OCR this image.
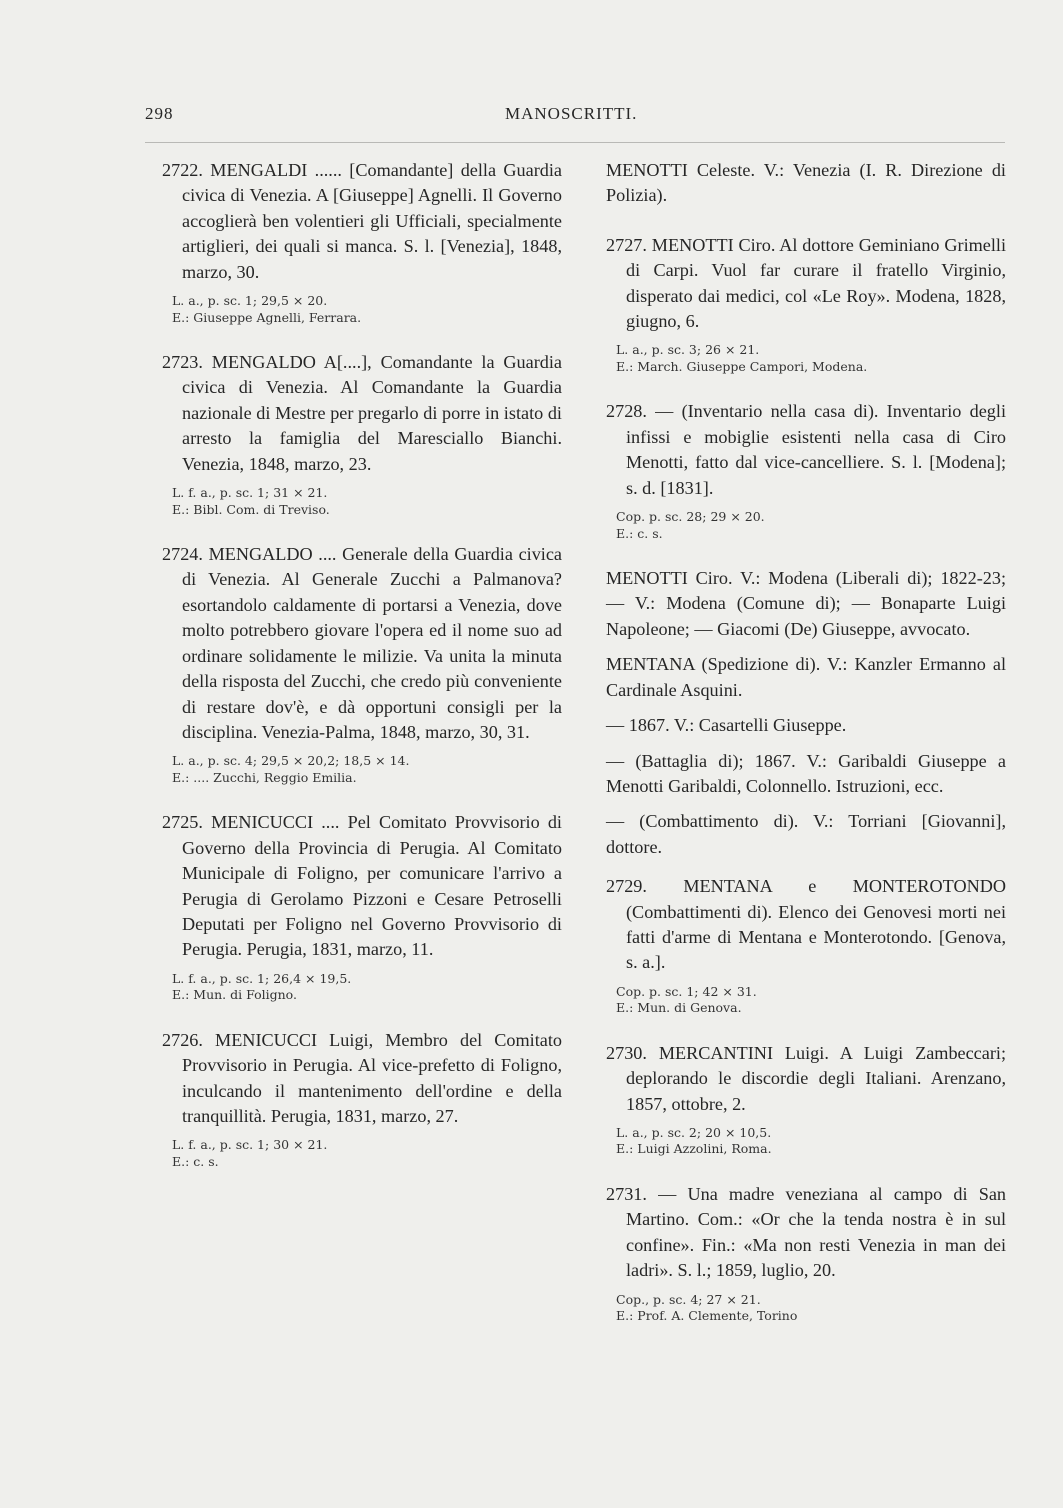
298	MANOSCRITTI.

2722. MENGALDI ...... [Comandante] della Guardia civica di Venezia. A [Giuseppe] Agnelli. Il Governo accoglierà ben volentieri gli Ufficiali, specialmente artiglieri, dei quali si manca. S. l. [Venezia], 1848, marzo, 30.

L. a., p. sc. 1; 29,5 × 20.
E.: Giuseppe Agnelli, Ferrara.

2723. MENGALDO A[....], Comandante la Guardia civica di Venezia. Al Comandante la Guardia nazionale di Mestre per pregarlo di porre in istato di arresto la famiglia del Maresciallo Bianchi. Venezia, 1848, marzo, 23.

L. f. a., p. sc. 1; 31 × 21.
E.: Bibl. Com. di Treviso.

2724. MENGALDO .... Generale della Guardia civica di Venezia. Al Generale Zucchi a Palmanova? esortandolo caldamente di portarsi a Venezia, dove molto potrebbero giovare l'opera ed il nome suo ad ordinare solidamente le milizie. Va unita la minuta della risposta del Zucchi, che credo più conveniente di restare dov'è, e dà opportuni consigli per la disciplina. Venezia-Palma, 1848, marzo, 30, 31.

L. a., p. sc. 4; 29,5 × 20,2; 18,5 × 14.
E.: .... Zucchi, Reggio Emilia.

2725. MENICUCCI .... Pel Comitato Provvisorio di Governo della Provincia di Perugia. Al Comitato Municipale di Foligno, per comunicare l'arrivo a Perugia di Gerolamo Pizzoni e Cesare Petroselli Deputati per Foligno nel Governo Provvisorio di Perugia. Perugia, 1831, marzo, 11.

L. f. a., p. sc. 1; 26,4 × 19,5.
E.: Mun. di Foligno.

2726. MENICUCCI Luigi, Membro del Comitato Provvisorio in Perugia. Al vice-prefetto di Foligno, inculcando il mantenimento dell'ordine e della tranquillità. Perugia, 1831, marzo, 27.

L. f. a., p. sc. 1; 30 × 21.
E.: c. s.

MENOTTI Celeste. V.: Venezia (I. R. Direzione di Polizia).

2727. MENOTTI Ciro. Al dottore Geminiano Grimelli di Carpi. Vuol far curare il fratello Virginio, disperato dai medici, col «Le Roy». Modena, 1828, giugno, 6.

L. a., p. sc. 3; 26 × 21.
E.: March. Giuseppe Campori, Modena.

2728. — (Inventario nella casa di). Inventario degli infissi e mobiglie esistenti nella casa di Ciro Menotti, fatto dal vice-cancelliere. S. l. [Modena]; s. d. [1831].

Cop. p. sc. 28; 29 × 20.
E.: c. s.

MENOTTI Ciro. V.: Modena (Liberali di); 1822-23; — V.: Modena (Comune di); — Bonaparte Luigi Napoleone; — Giacomi (De) Giuseppe, avvocato.

MENTANA (Spedizione di). V.: Kanzler Ermanno al Cardinale Asquini.

— 1867. V.: Casartelli Giuseppe.

— (Battaglia di); 1867. V.: Garibaldi Giuseppe a Menotti Garibaldi, Colonnello. Istruzioni, ecc.

— (Combattimento di). V.: Torriani [Giovanni], dottore.

2729. MENTANA e MONTEROTONDO (Combattimenti di). Elenco dei Genovesi morti nei fatti d'arme di Mentana e Monterotondo. [Genova, s. a.].

Cop. p. sc. 1; 42 × 31.
E.: Mun. di Genova.

2730. MERCANTINI Luigi. A Luigi Zambeccari; deplorando le discordie degli Italiani. Arenzano, 1857, ottobre, 2.

L. a., p. sc. 2; 20 × 10,5.
E.: Luigi Azzolini, Roma.

2731. — Una madre veneziana al campo di San Martino. Com.: «Or che la tenda nostra è in sul confine». Fin.: «Ma non resti Venezia in man dei ladri». S. l.; 1859, luglio, 20.

Cop., p. sc. 4; 27 × 21.
E.: Prof. A. Clemente, Torino
